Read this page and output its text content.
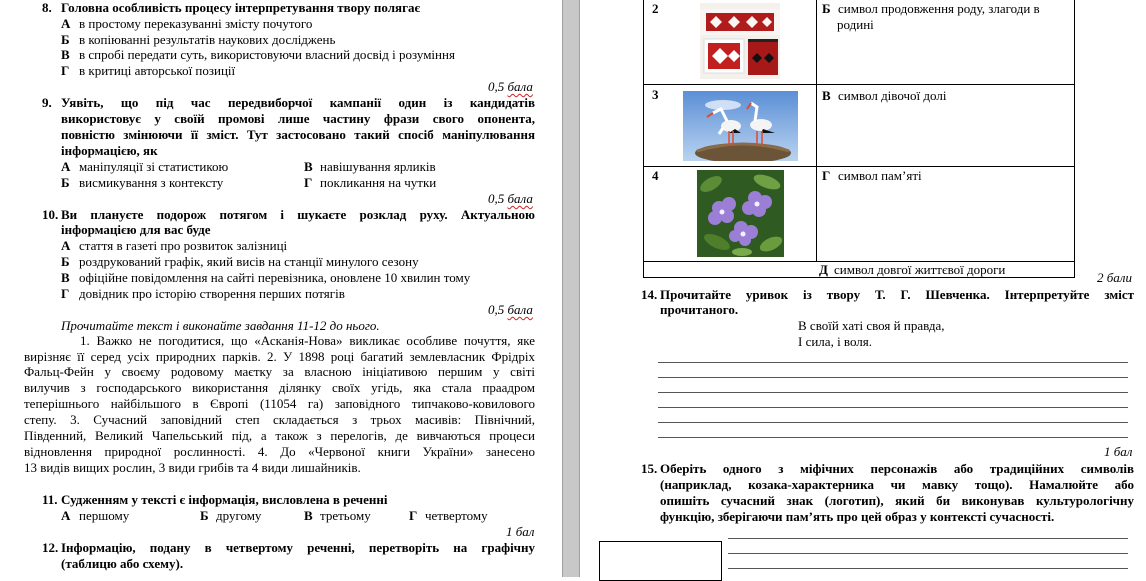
8. Головна особливість процесу інтерпретування твору полягає
А в простому переказуванні змісту почутого
Б в копіюванні результатів наукових досліджень
В в спробі передати суть, використовуючи власний досвід і розуміння
Г в критиці авторської позиції
0,5 бала
9. Уявіть, що під час передвиборчої кампанії один із кандидатів
використовує у своїй промові лише частину фрази свого опонента,
повністю змінюючи її зміст. Тут застосовано такий спосіб маніпулювання
інформацією, як
А маніпуляції зі статистикою	В навішування ярликів
Б висмикування з контексту	Г покликання на чутки
0,5 бала
10. Ви плануєте подорож потягом і шукаєте розклад руху. Актуальною
інформацією для вас буде
А стаття в газеті про розвиток залізниці
Б роздрукований графік, який висів на станції минулого сезону
В офіційне повідомлення на сайті перевізника, оновлене 10 хвилин тому
Г довідник про історію створення перших потягів
0,5 бала
Прочитайте текст і виконайте завдання 11-12 до нього.
1. Важко не погодитися, що «Асканія-Нова» викликає особливе почуття, яке
вирізняє її серед усіх природних парків. 2. У 1898 році багатий землевласник Фрідріх
Фальц-Фейн у своєму родовому маєтку за власною ініціативою першим у світі
вилучив з господарського використання ділянку своїх угідь, яка стала праадром
теперішнього найбільшого в Європі (11054 га) заповідного типчаково-ковилового
степу. 3. Сучасний заповідний степ складається з трьох масивів: Північний,
Південний, Великий Чапельський під, а також з перелогів, де вивчаються процеси
відновлення природної рослинності. 4. До «Червоної книги України» занесено
13 видів вищих рослин, 3 види грибів та 4 види лишайників.
11. Судженням у тексті є інформація, висловлена в реченні
А першому	Б другому	В третьому	Г четвертому
1 бал
12. Інформацію, подану в четвертому реченні, перетворіть на графічну
(таблицю або схему).
2	Б символ продовження роду, злагоди в
родині
3	В символ дівочої долі
4	Г символ пам’яті
Д символ довгої життєвої дороги
2 бали
14. Прочитайте уривок із твору Т. Г. Шевченка. Інтерпретуйте зміст
прочитаного.
В своїй хаті своя й правда,
І сила, і воля.
1 бал
15. Оберіть одного з міфічних персонажів або традиційних символів
(наприклад, козака-характерника чи мавку тощо). Намалюйте або
опишіть сучасний знак (логотип), який би виконував культурологічну
функцію, зберігаючи пам’ять про цей образ у контексті сучасності.
